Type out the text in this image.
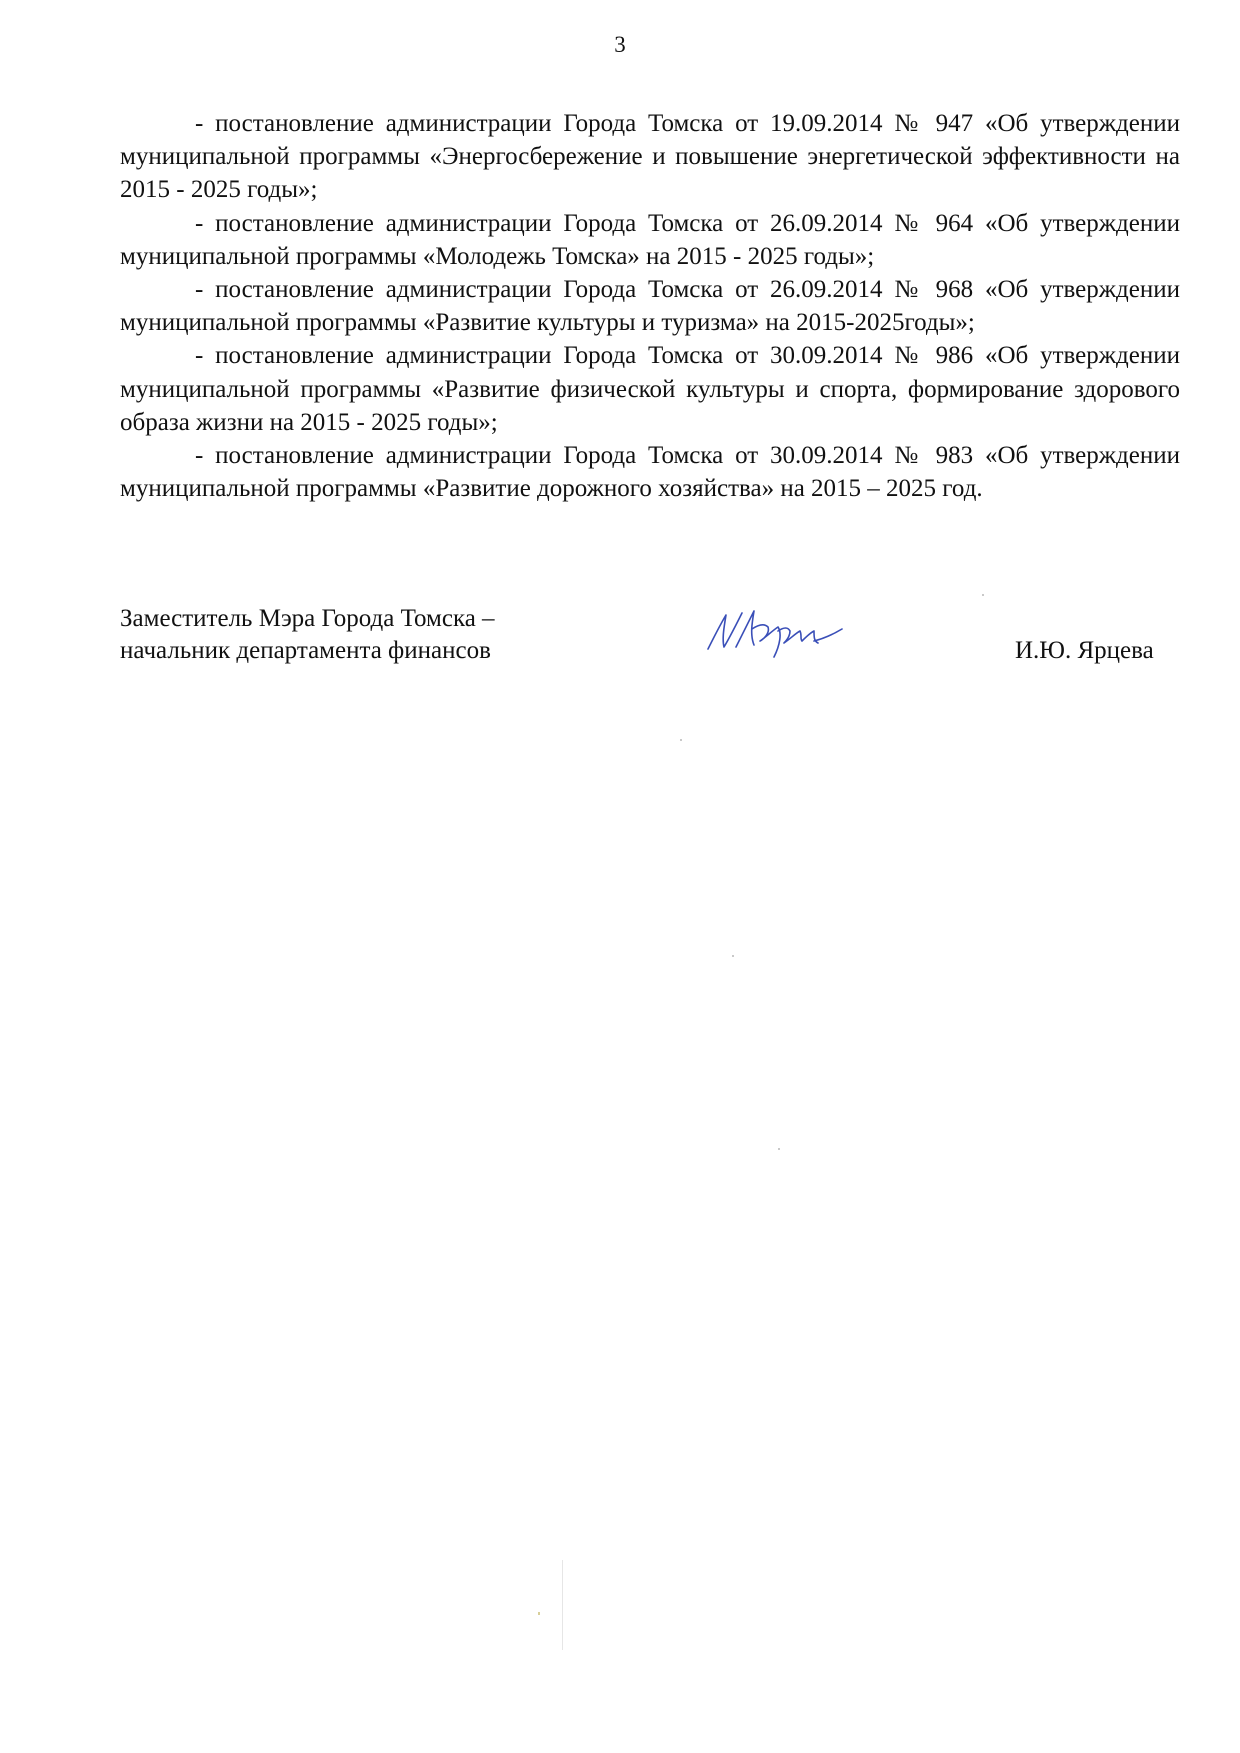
3

- постановление администрации Города Томска от 19.09.2014 № 947 «Об утверждении муниципальной программы «Энергосбережение и повышение энергетической эффективности на 2015 - 2025 годы»;

- постановление администрации Города Томска от 26.09.2014 № 964 «Об утверждении муниципальной программы «Молодежь Томска» на 2015 - 2025 годы»;

- постановление администрации Города Томска от 26.09.2014 № 968 «Об утверждении муниципальной программы «Развитие культуры и туризма» на 2015-2025годы»;

- постановление администрации Города Томска от 30.09.2014 № 986 «Об утверждении муниципальной программы «Развитие физической культуры и спорта, формирование здорового образа жизни на 2015 - 2025 годы»;

- постановление администрации Города Томска от 30.09.2014 № 983 «Об утверждении муниципальной программы «Развитие дорожного хозяйства» на 2015 – 2025 год.

Заместитель Мэра Города Томска –
начальник департамента финансов	И.Ю. Ярцева
